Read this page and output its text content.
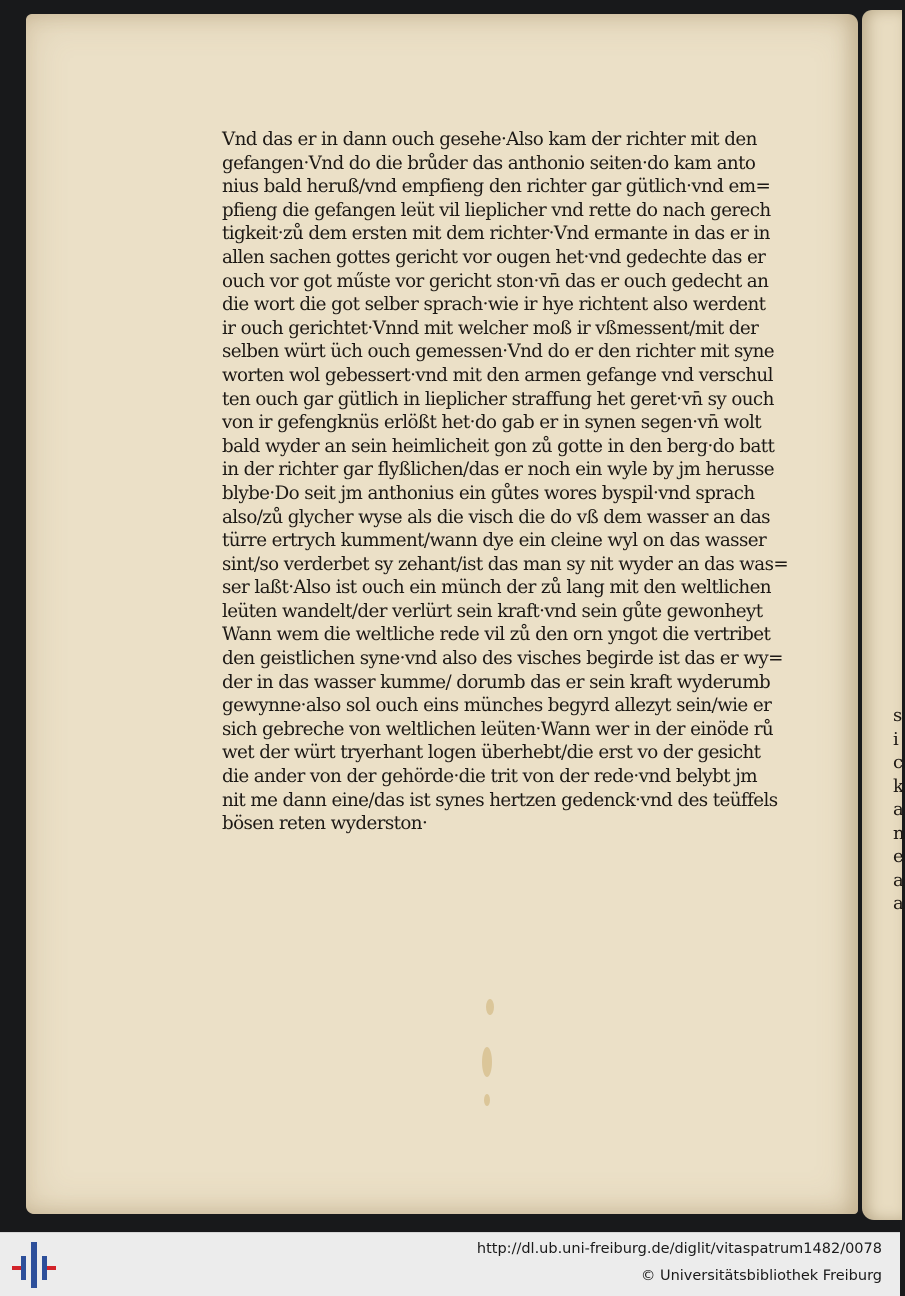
s
i
c
k
a
n
e
a
a
Vnd das er in dann ouch gesehe·Also kam der richter mit den
gefangen·Vnd do die brůder das anthonio seiten·do kam anto
nius bald heruß/vnd empfieng den richter gar gütlich·vnd em=
pfieng die gefangen leüt vil lieplicher vnd rette do nach gerech
tigkeit·zů dem ersten mit dem richter·Vnd ermante in das er in
allen sachen gottes gericht vor ougen het·vnd gedechte das er
ouch vor got műste vor gericht ston·vn̄ das er ouch gedecht an
die wort die got selber sprach·wie ir hye richtent also werdent
ir ouch gerichtet·Vnnd mit welcher moß ir vßmessent/mit der
selben würt üch ouch gemessen·Vnd do er den richter mit syne
worten wol gebessert·vnd mit den armen gefange vnd verschul
ten ouch gar gütlich in lieplicher straffung het geret·vn̄ sy ouch
von ir gefengknüs erlößt het·do gab er in synen segen·vn̄ wolt
bald wyder an sein heimlicheit gon zů gotte in den berg·do batt
in der richter gar flyßlichen/das er noch ein wyle by jm herusse
blybe·Do seit jm anthonius ein gůtes wores byspil·vnd sprach
also/zů glycher wyse als die visch die do vß dem wasser an das
türre ertrych kumment/wann dye ein cleine wyl on das wasser
sint/so verderbet sy zehant/ist das man sy nit wyder an das was=
ser laßt·Also ist ouch ein münch der zů lang mit den weltlichen
leüten wandelt/der verlürt sein kraft·vnd sein gůte gewonheyt
Wann wem die weltliche rede vil zů den orn yngot die vertribet
den geistlichen syne·vnd also des visches begirde ist das er wy=
der in das wasser kumme/ dorumb das er sein kraft wyderumb
gewynne·also sol ouch eins münches begyrd allezyt sein/wie er
sich gebreche von weltlichen leüten·Wann wer in der einöde rů
wet der würt tryerhant logen überhebt/die erst vo der gesicht
die ander von der gehörde·die trit von der rede·vnd belybt jm
nit me dann eine/das ist synes hertzen gedenck·vnd des teüffels
bösen reten wyderston·
http://dl.ub.uni-freiburg.de/diglit/vitaspatrum1482/0078
© Universitätsbibliothek Freiburg
